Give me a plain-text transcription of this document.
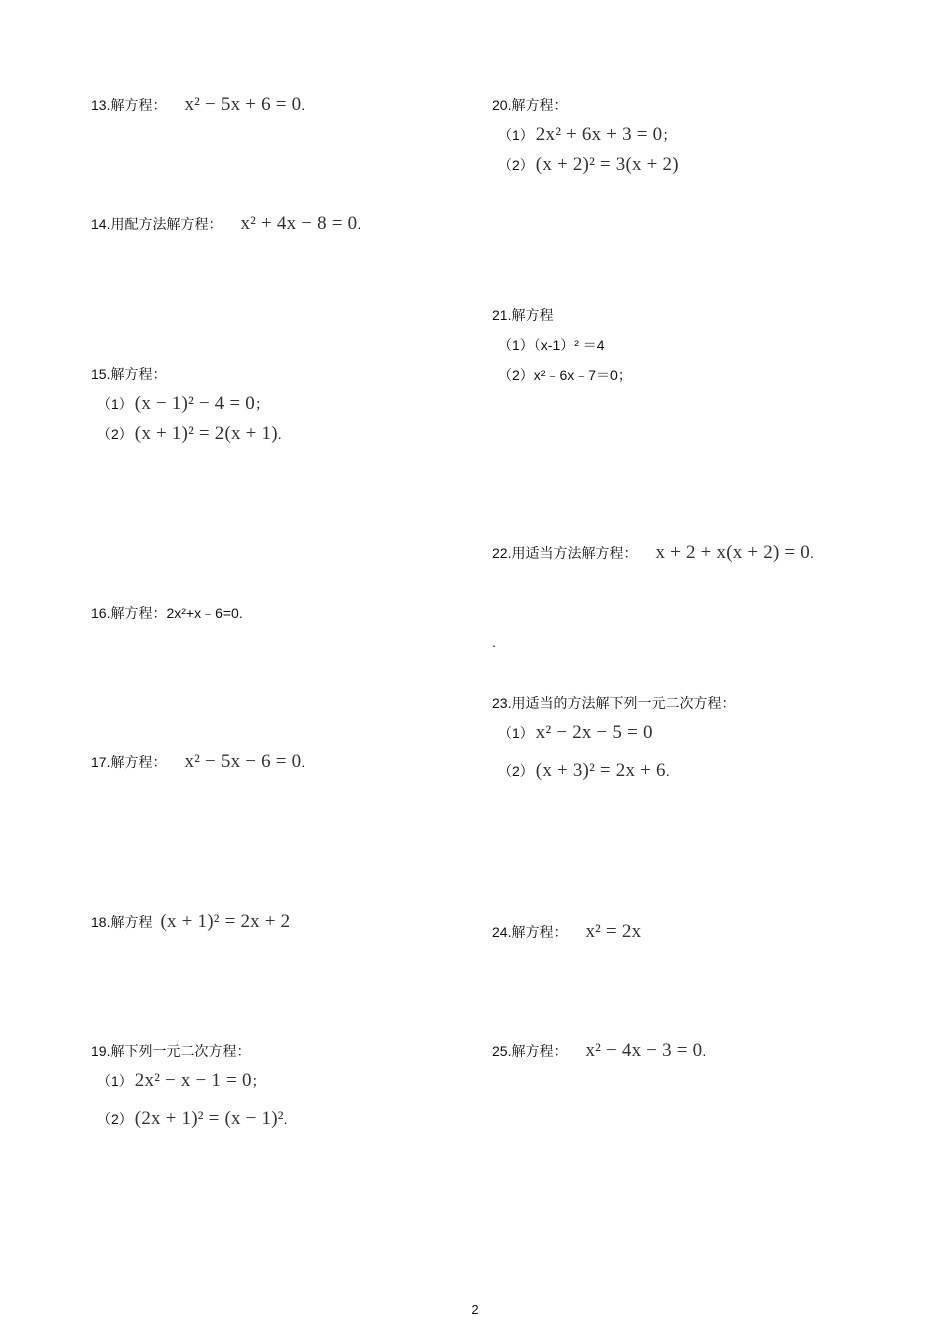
13.解方程： x² − 5x + 6 = 0.
14.用配方法解方程： x² + 4x − 8 = 0.
15.解方程：
（1） (x − 1)² − 4 = 0；
（2） (x + 1)² = 2(x + 1).
16.解方程：2x²+x﹣6=0.
17.解方程： x² − 5x − 6 = 0.
18.解方程 (x + 1)² = 2x + 2
19.解下列一元二次方程：
（1） 2x² − x − 1 = 0；
（2） (2x + 1)² = (x − 1)².
20.解方程：
（1） 2x² + 6x + 3 = 0；
（2） (x + 2)² = 3(x + 2)
21.解方程
（1）（x-1）² ＝4
（2）x²﹣6x﹣7＝0；
22.用适当方法解方程： x + 2 + x(x + 2) = 0.
.
23.用适当的方法解下列一元二次方程：
（1） x² − 2x − 5 = 0
（2） (x + 3)² = 2x + 6.
24.解方程： x² = 2x
25.解方程： x² − 4x − 3 = 0.
2
